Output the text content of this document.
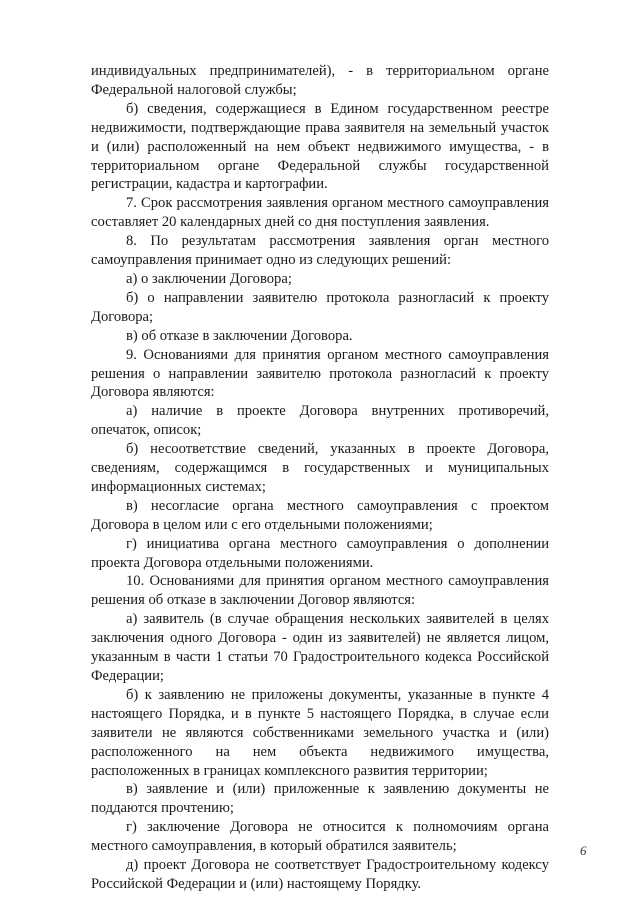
индивидуальных предпринимателей), - в территориальном органе Федеральной налоговой службы;

б) сведения, содержащиеся в Едином государственном реестре недвижимости, подтверждающие права заявителя на земельный участок и (или) расположенный на нем объект недвижимого имущества, - в территориальном органе Федеральной службы государственной регистрации, кадастра и картографии.

7. Срок рассмотрения заявления органом местного самоуправления составляет 20 календарных дней со дня поступления заявления.

8. По результатам рассмотрения заявления орган местного самоуправления принимает одно из следующих решений:

а) о заключении Договора;

б) о направлении заявителю протокола разногласий к проекту Договора;

в) об отказе в заключении Договора.

9. Основаниями для принятия органом местного самоуправления решения о направлении заявителю протокола разногласий к проекту Договора являются:

а) наличие в проекте Договора внутренних противоречий, опечаток, описок;

б) несоответствие сведений, указанных в проекте Договора, сведениям, содержащимся в государственных и муниципальных информационных системах;

в) несогласие органа местного самоуправления с проектом Договора в целом или с его отдельными положениями;

г) инициатива органа местного самоуправления о дополнении проекта Договора отдельными положениями.

10. Основаниями для принятия органом местного самоуправления решения об отказе в заключении Договор являются:

а) заявитель (в случае обращения нескольких заявителей в целях заключения одного Договора - один из заявителей) не является лицом, указанным в части 1 статьи 70 Градостроительного кодекса Российской Федерации;

б) к заявлению не приложены документы, указанные в пункте 4 настоящего Порядка, и в пункте 5 настоящего Порядка, в случае если заявители не являются собственниками земельного участка и (или) расположенного на нем объекта недвижимого имущества, расположенных в границах комплексного развития территории;

в) заявление и (или) приложенные к заявлению документы не поддаются прочтению;

г) заключение Договора не относится к полномочиям органа местного самоуправления, в который обратился заявитель;

д) проект Договора не соответствует Градостроительному кодексу Российской Федерации и (или) настоящему Порядку.

6
